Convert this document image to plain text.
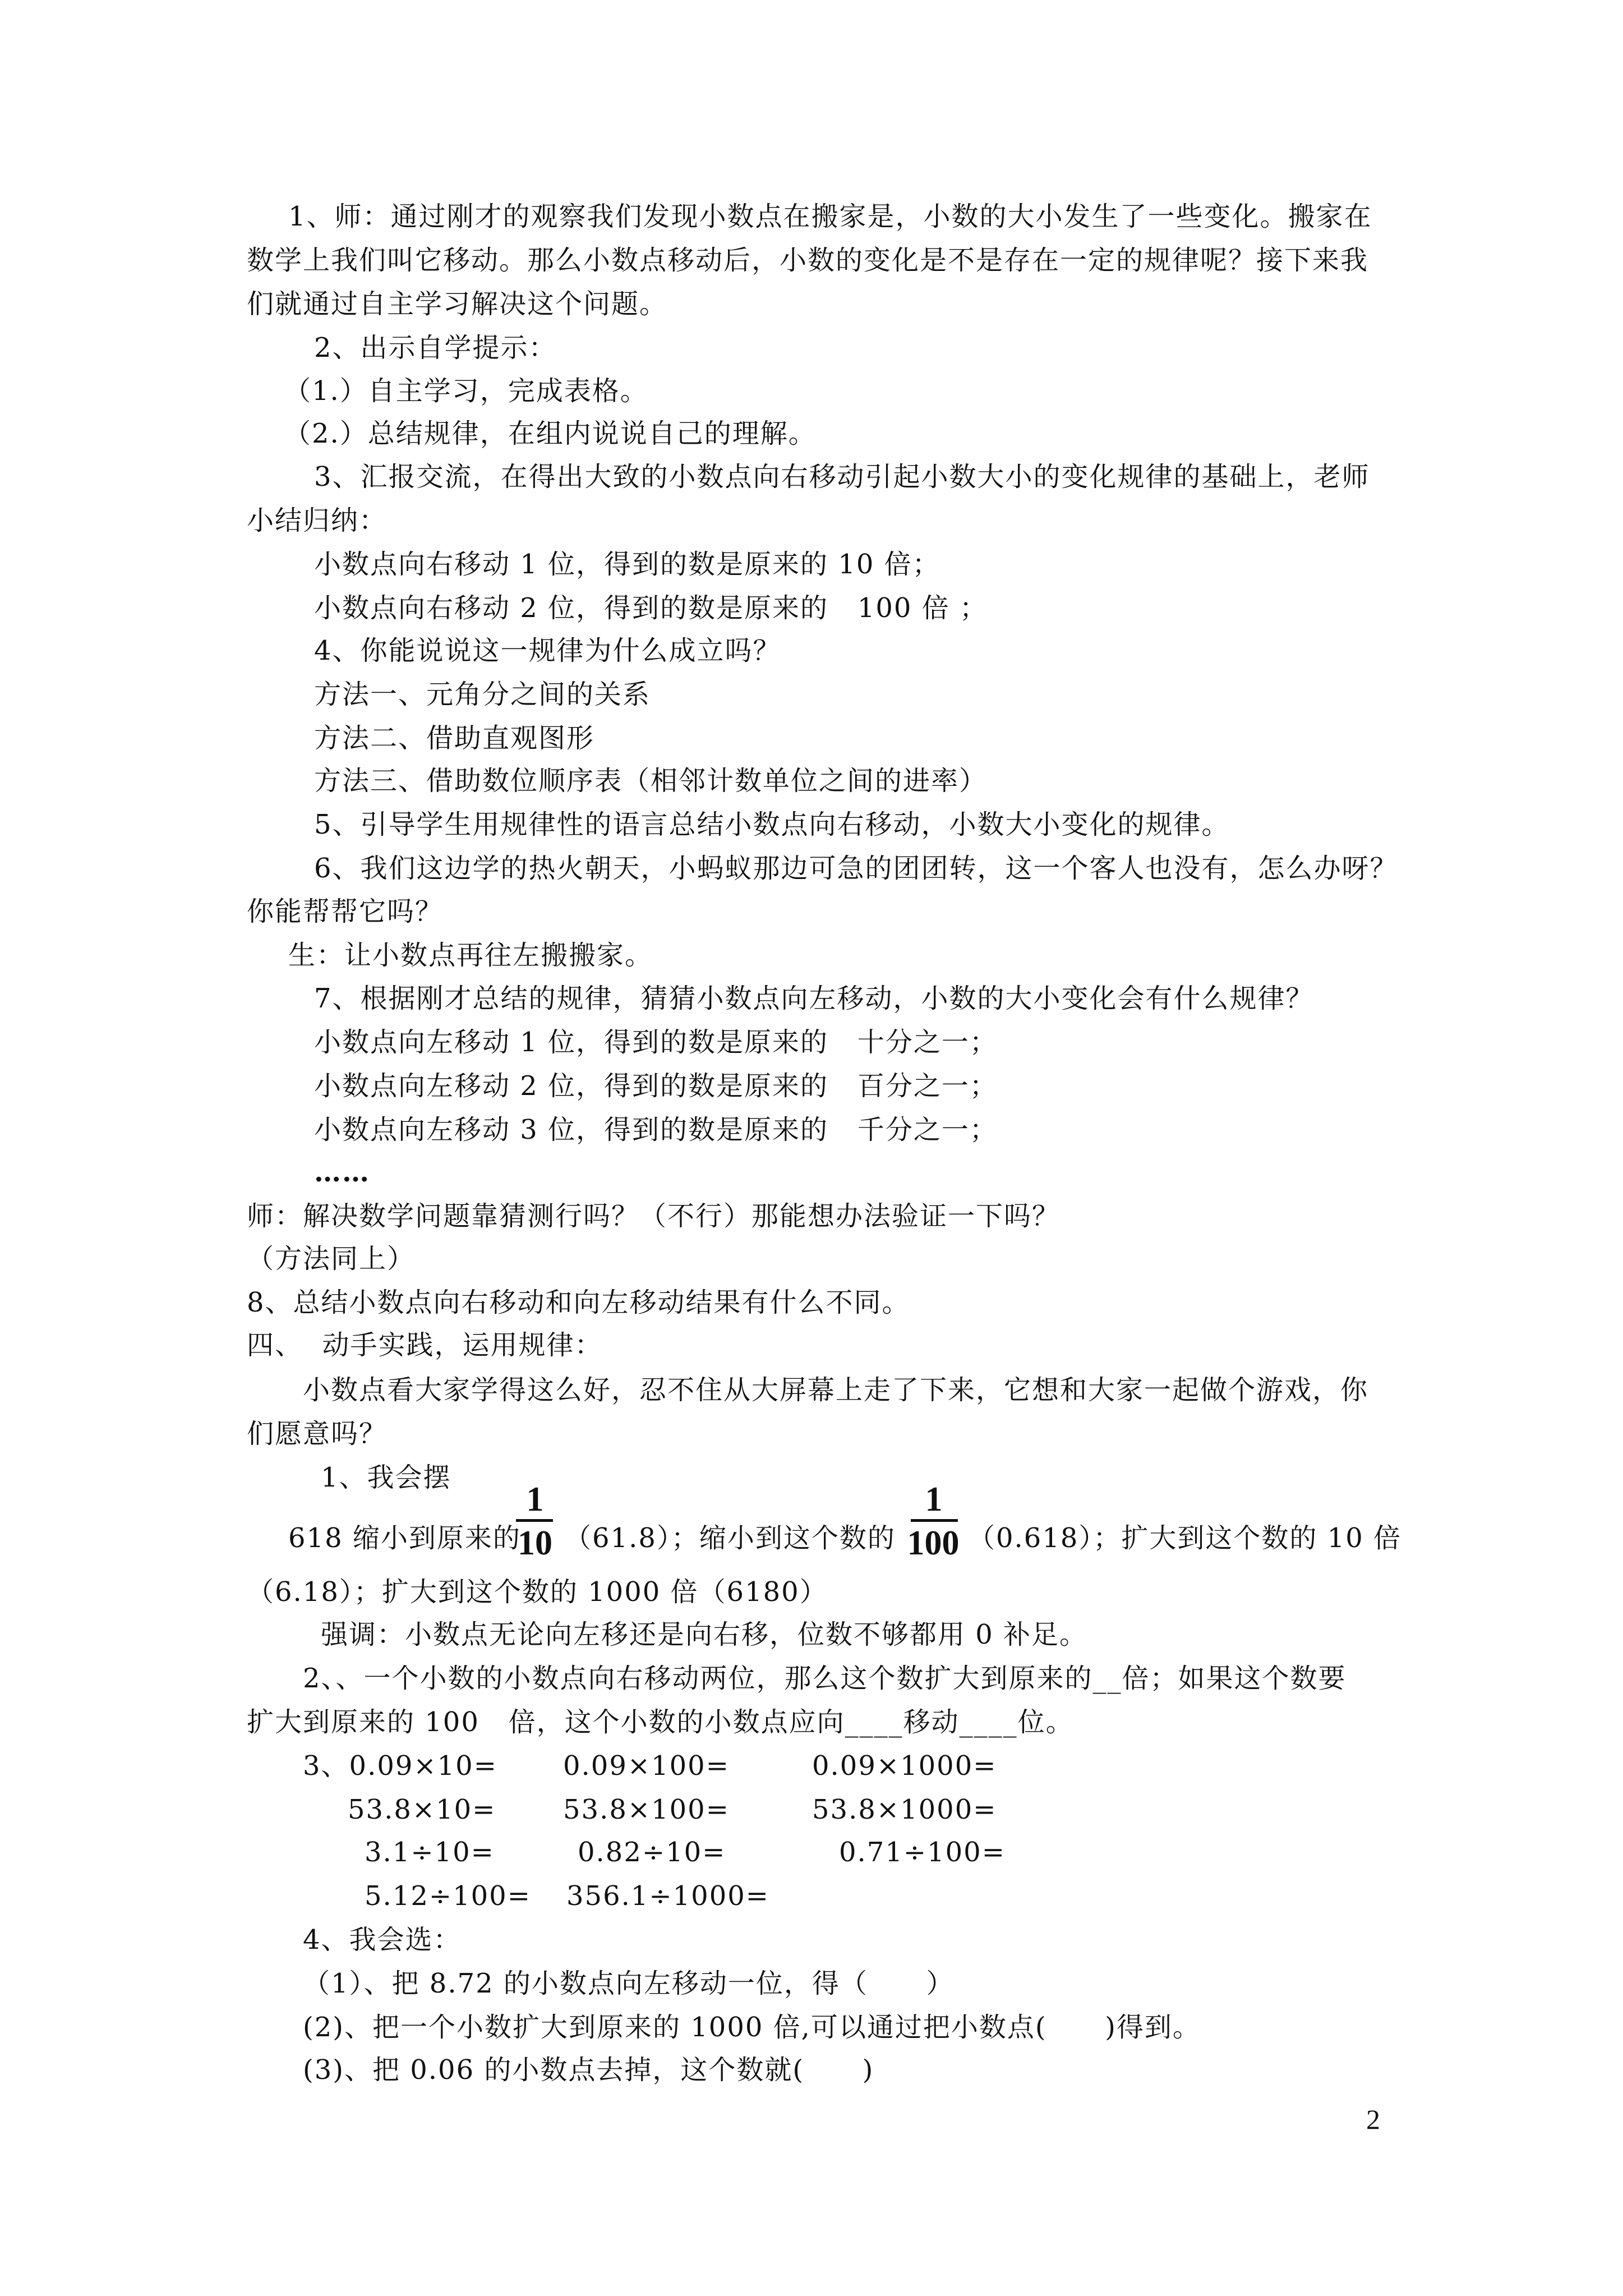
1、师：通过刚才的观察我们发现小数点在搬家是，小数的大小发生了一些变化。搬家在
数学上我们叫它移动。那么小数点移动后，小数的变化是不是存在一定的规律呢？接下来我
们就通过自主学习解决这个问题。
2、出示自学提示：
（1.）自主学习，完成表格。
（2.）总结规律，在组内说说自己的理解。
3、汇报交流，在得出大致的小数点向右移动引起小数大小的变化规律的基础上，老师
小结归纳：
小数点向右移动 1 位，得到的数是原来的 10 倍；
小数点向右移动 2 位，得到的数是原来的   100 倍 ；
4、你能说说这一规律为什么成立吗？
方法一、元角分之间的关系
方法二、借助直观图形
方法三、借助数位顺序表（相邻计数单位之间的进率）
5、引导学生用规律性的语言总结小数点向右移动，小数大小变化的规律。
6、我们这边学的热火朝天，小蚂蚁那边可急的团团转，这一个客人也没有，怎么办呀？
你能帮帮它吗？
生：让小数点再往左搬搬家。
7、根据刚才总结的规律，猜猜小数点向左移动，小数的大小变化会有什么规律？
小数点向左移动 1 位，得到的数是原来的   十分之一；
小数点向左移动 2 位，得到的数是原来的   百分之一；
小数点向左移动 3 位，得到的数是原来的   千分之一；
……
师：解决数学问题靠猜测行吗？（不行）那能想办法验证一下吗？
（方法同上）
8、总结小数点向右移动和向左移动结果有什么不同。
四、  动手实践，运用规律：
小数点看大家学得这么好，忍不住从大屏幕上走了下来，它想和大家一起做个游戏，你
们愿意吗？
1、我会摆
618 缩小到原来的
1
10 （61.8）；缩小到这个数的
1
100 （0.618）；扩大到这个数的 10 倍
（6.18）；扩大到这个数的 1000 倍（6180）
强调：小数点无论向左移还是向右移，位数不够都用 0 补足。
2、、一个小数的小数点向右移动两位，那么这个数扩大到原来的__倍；如果这个数要
扩大到原来的 100   倍，这个小数的小数点应向____移动____位。
3、0.09×10= 0.09×100=	0.09×1000=
53.8×10= 53.8×100=	53.8×1000=
3.1÷10=	0.82÷10=	0.71÷100=
5.12÷100= 356.1÷1000=
4、我会选：
（1）、把 8.72 的小数点向左移动一位，得（      ）
(2)、把一个小数扩大到原来的 1000 倍,可以通过把小数点(      )得到。
(3)、把 0.06 的小数点去掉，这个数就(      )
2
